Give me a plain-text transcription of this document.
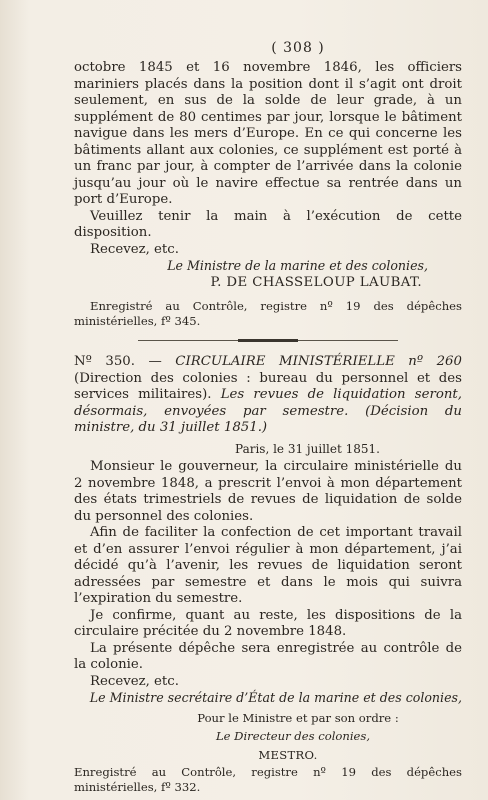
( 308 )

octobre 1845 et 16 novembre 1846, les officiers mariniers placés dans la position dont il s’agit ont droit seulement, en sus de la solde de leur grade, à un supplément de 80 centimes par jour, lorsque le bâtiment navigue dans les mers d’Europe. En ce qui concerne les bâtiments allant aux colonies, ce supplément est porté à un franc par jour, à compter de l’arrivée dans la colonie jusqu’au jour où le navire effectue sa rentrée dans un port d’Europe.

Veuillez tenir la main à l’exécution de cette disposition.

Recevez, etc.

Le Ministre de la marine et des colonies,

P. DE CHASSELOUP LAUBAT.

Enregistré au Contrôle, registre nº 19 des dépêches ministérielles, fº 345.

Nº 350. — CIRCULAIRE MINISTÉRIELLE nº 260 (Direction des colonies : bureau du personnel et des services militaires). Les revues de liquidation seront, désormais, envoyées par semestre. (Décision du ministre, du 31 juillet 1851.)

Paris, le 31 juillet 1851.

Monsieur le gouverneur, la circulaire ministérielle du 2 novembre 1848, a prescrit l’envoi à mon département des états trimestriels de revues de liquidation de solde du personnel des colonies.

Afin de faciliter la confection de cet important travail et d’en assurer l’envoi régulier à mon département, j’ai décidé qu’à l’avenir, les revues de liquidation seront adressées par semestre et dans le mois qui suivra l’expiration du semestre.

Je confirme, quant au reste, les dispositions de la circulaire précitée du 2 novembre 1848.

La présente dépêche sera enregistrée au contrôle de la colonie.

Recevez, etc.

Le Ministre secrétaire d’État de la marine et des colonies,

Pour le Ministre et par son ordre :

Le Directeur des colonies,

MESTRO.

Enregistré au Contrôle, registre nº 19 des dépêches ministérielles, fº 332.
